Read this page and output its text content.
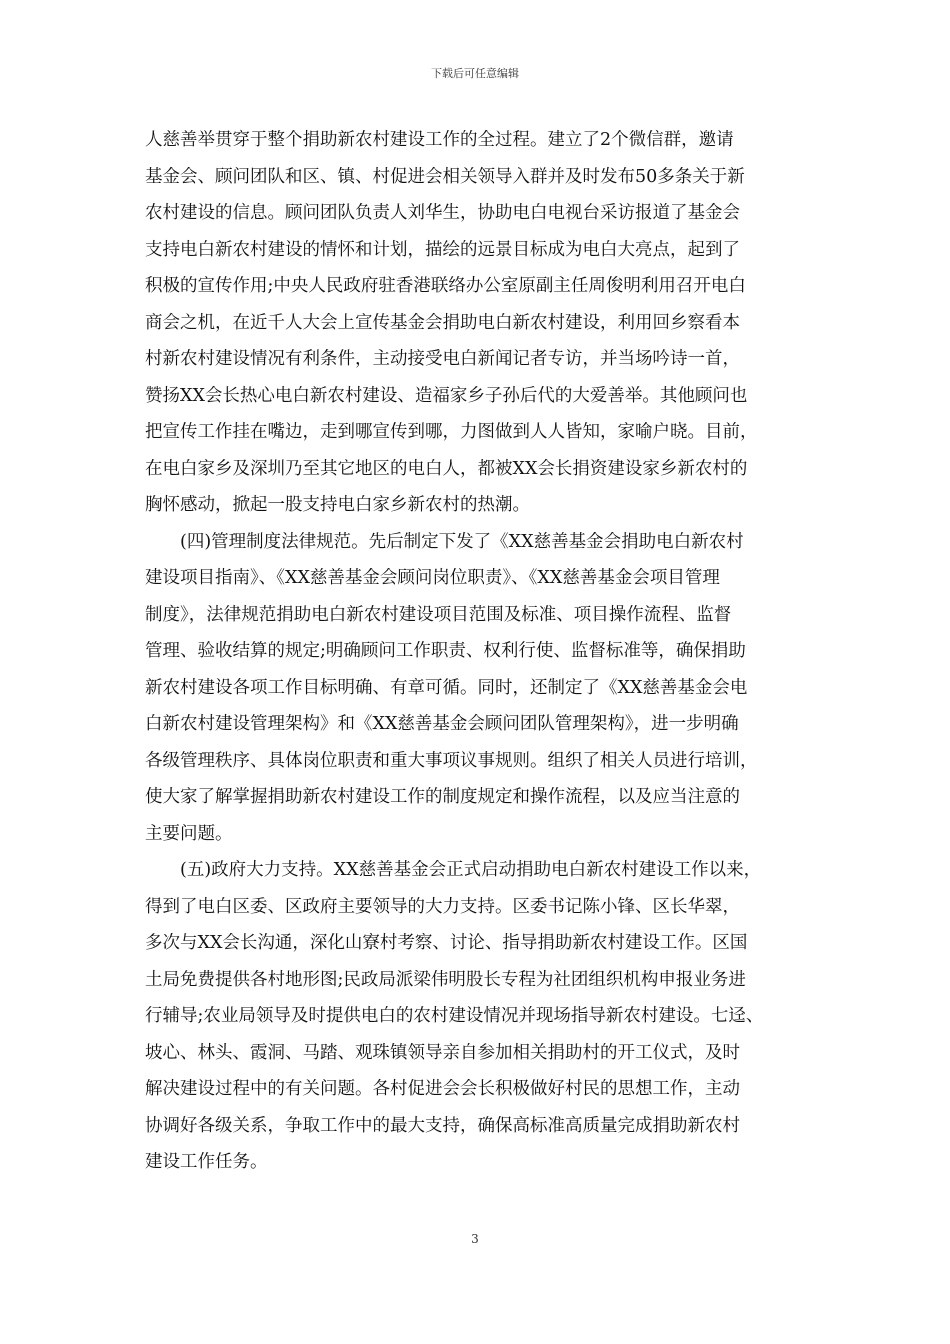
下载后可任意编辑
人慈善举贯穿于整个捐助新农村建设工作的全过程。建立了2个微信群，邀请
基金会、顾问团队和区、镇、村促进会相关领导入群并及时发布50多条关于新
农村建设的信息。顾问团队负责人刘华生，协助电白电视台采访报道了基金会
支持电白新农村建设的情怀和计划，描绘的远景目标成为电白大亮点，起到了
积极的宣传作用;中央人民政府驻香港联络办公室原副主任周俊明利用召开电白
商会之机，在近千人大会上宣传基金会捐助电白新农村建设，利用回乡察看本
村新农村建设情况有利条件，主动接受电白新闻记者专访，并当场吟诗一首，
赞扬XX会长热心电白新农村建设、造福家乡子孙后代的大爱善举。其他顾问也
把宣传工作挂在嘴边，走到哪宣传到哪，力图做到人人皆知，家喻户晓。目前，
在电白家乡及深圳乃至其它地区的电白人，都被XX会长捐资建设家乡新农村的
胸怀感动，掀起一股支持电白家乡新农村的热潮。
　　(四)管理制度法律规范。先后制定下发了《XX慈善基金会捐助电白新农村
建设项目指南》、《XX慈善基金会顾问岗位职责》、《XX慈善基金会项目管理
制度》，法律规范捐助电白新农村建设项目范围及标准、项目操作流程、监督
管理、验收结算的规定;明确顾问工作职责、权利行使、监督标准等，确保捐助
新农村建设各项工作目标明确、有章可循。同时，还制定了《XX慈善基金会电
白新农村建设管理架构》和《XX慈善基金会顾问团队管理架构》，进一步明确
各级管理秩序、具体岗位职责和重大事项议事规则。组织了相关人员进行培训，
使大家了解掌握捐助新农村建设工作的制度规定和操作流程，以及应当注意的
主要问题。
　　(五)政府大力支持。XX慈善基金会正式启动捐助电白新农村建设工作以来，
得到了电白区委、区政府主要领导的大力支持。区委书记陈小锋、区长华翠，
多次与XX会长沟通，深化山寮村考察、讨论、指导捐助新农村建设工作。区国
土局免费提供各村地形图;民政局派梁伟明股长专程为社团组织机构申报业务进
行辅导;农业局领导及时提供电白的农村建设情况并现场指导新农村建设。七迳、
坡心、林头、霞洞、马踏、观珠镇领导亲自参加相关捐助村的开工仪式，及时
解决建设过程中的有关问题。各村促进会会长积极做好村民的思想工作，主动
协调好各级关系，争取工作中的最大支持，确保高标准高质量完成捐助新农村
建设工作任务。
3
